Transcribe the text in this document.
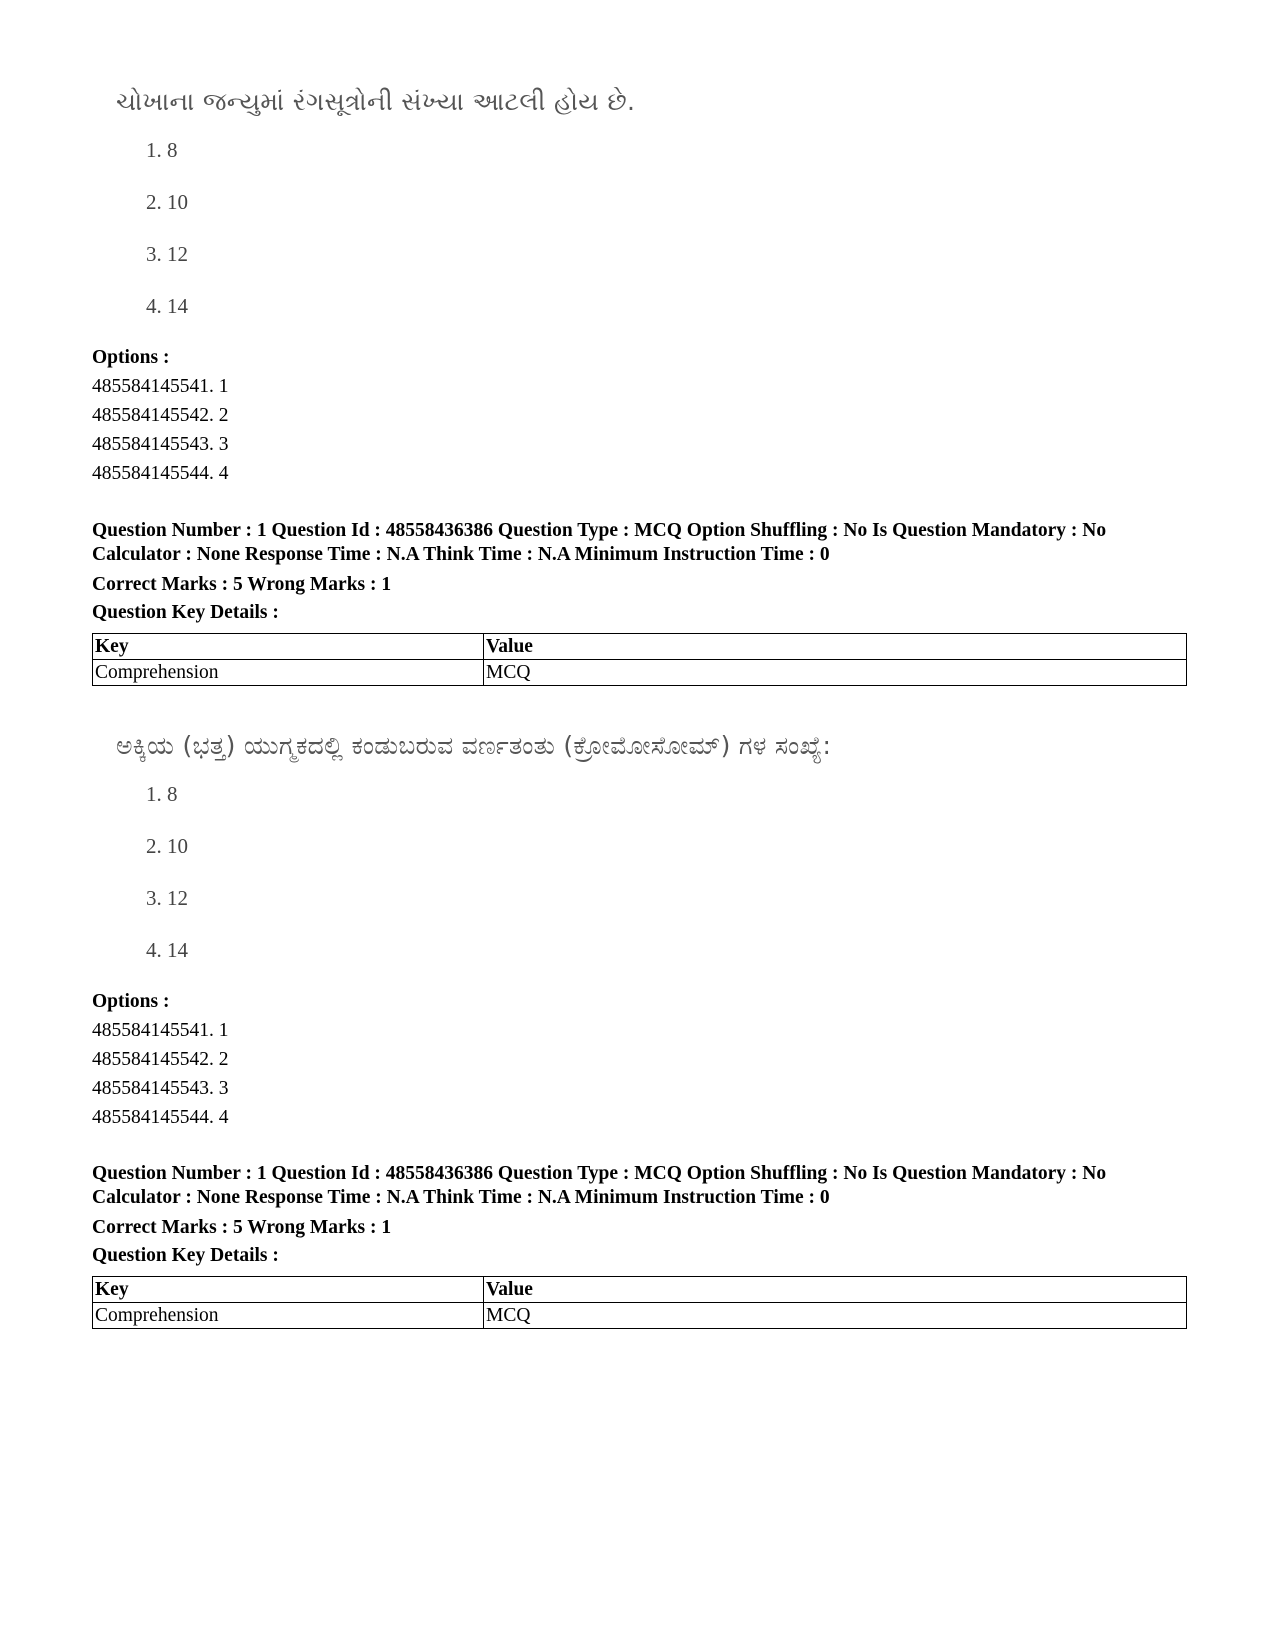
ચોખાના જન્યુમાં રંગસૂત્રોની સંખ્યા આટલી હોય છે.
1. 8
2. 10
3. 12
4. 14
Options :
485584145541. 1
485584145542. 2
485584145543. 3
485584145544. 4
Question Number : 1 Question Id : 48558436386 Question Type : MCQ Option Shuffling : No Is Question Mandatory : No
Calculator : None Response Time : N.A Think Time : N.A Minimum Instruction Time : 0
Correct Marks : 5 Wrong Marks : 1
Question Key Details :
Key	Value
Comprehension	MCQ
ಅಕ್ಕಿಯ (ಭತ್ತ) ಯುಗ್ಮಕದಲ್ಲಿ ಕಂಡುಬರುವ ವರ್ಣತಂತು (ಕ್ರೋಮೋಸೋಮ್) ಗಳ ಸಂಖ್ಯೆ:
1. 8
2. 10
3. 12
4. 14
Options :
485584145541. 1
485584145542. 2
485584145543. 3
485584145544. 4
Question Number : 1 Question Id : 48558436386 Question Type : MCQ Option Shuffling : No Is Question Mandatory : No
Calculator : None Response Time : N.A Think Time : N.A Minimum Instruction Time : 0
Correct Marks : 5 Wrong Marks : 1
Question Key Details :
Key	Value
Comprehension	MCQ
